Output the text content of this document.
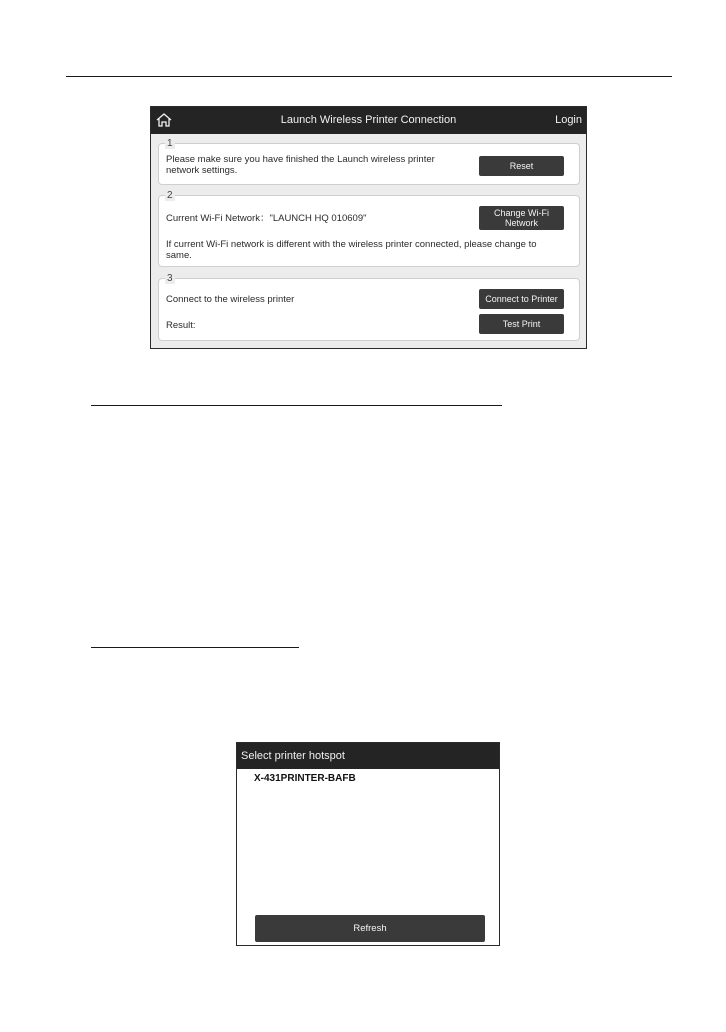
Launch Wireless Printer Connection	Login
1
Please make sure you have finished the Launch wireless printer
network settings.	Reset
2
Current Wi-Fi Network："LAUNCH HQ 010609"	Change Wi-Fi
Network
If current Wi-Fi network is different with the wireless printer connected, please change to
same.
3
Connect to the wireless printer	Connect to Printer
Result:	Test Print
Select printer hotspot
X-431PRINTER-BAFB
Refresh
